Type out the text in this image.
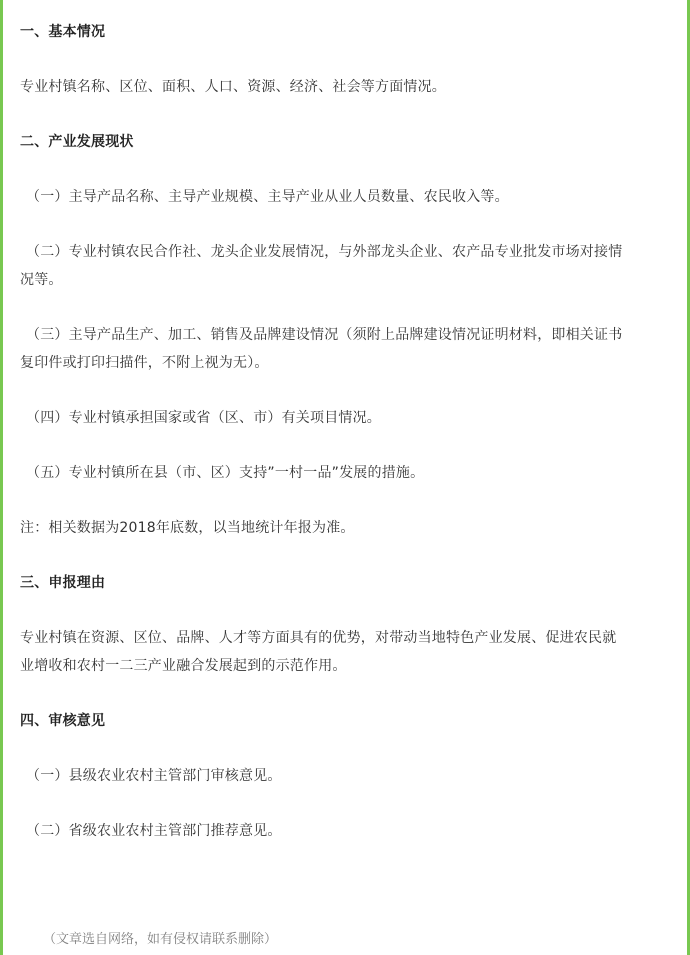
一、基本情况
专业村镇名称、区位、面积、人口、资源、经济、社会等方面情况。
二、产业发展现状
（一）主导产品名称、主导产业规模、主导产业从业人员数量、农民收入等。
（二）专业村镇农民合作社、龙头企业发展情况，与外部龙头企业、农产品专业批发市场对接情
况等。
（三）主导产品生产、加工、销售及品牌建设情况（须附上品牌建设情况证明材料，即相关证书
复印件或打印扫描件，不附上视为无）。
（四）专业村镇承担国家或省（区、市）有关项目情况。
（五）专业村镇所在县（市、区）支持”一村一品”发展的措施。
注：相关数据为2018年底数，以当地统计年报为准。
三、申报理由
专业村镇在资源、区位、品牌、人才等方面具有的优势，对带动当地特色产业发展、促进农民就
业增收和农村一二三产业融合发展起到的示范作用。
四、审核意见
（一）县级农业农村主管部门审核意见。
（二）省级农业农村主管部门推荐意见。
（文章选自网络，如有侵权请联系删除）
